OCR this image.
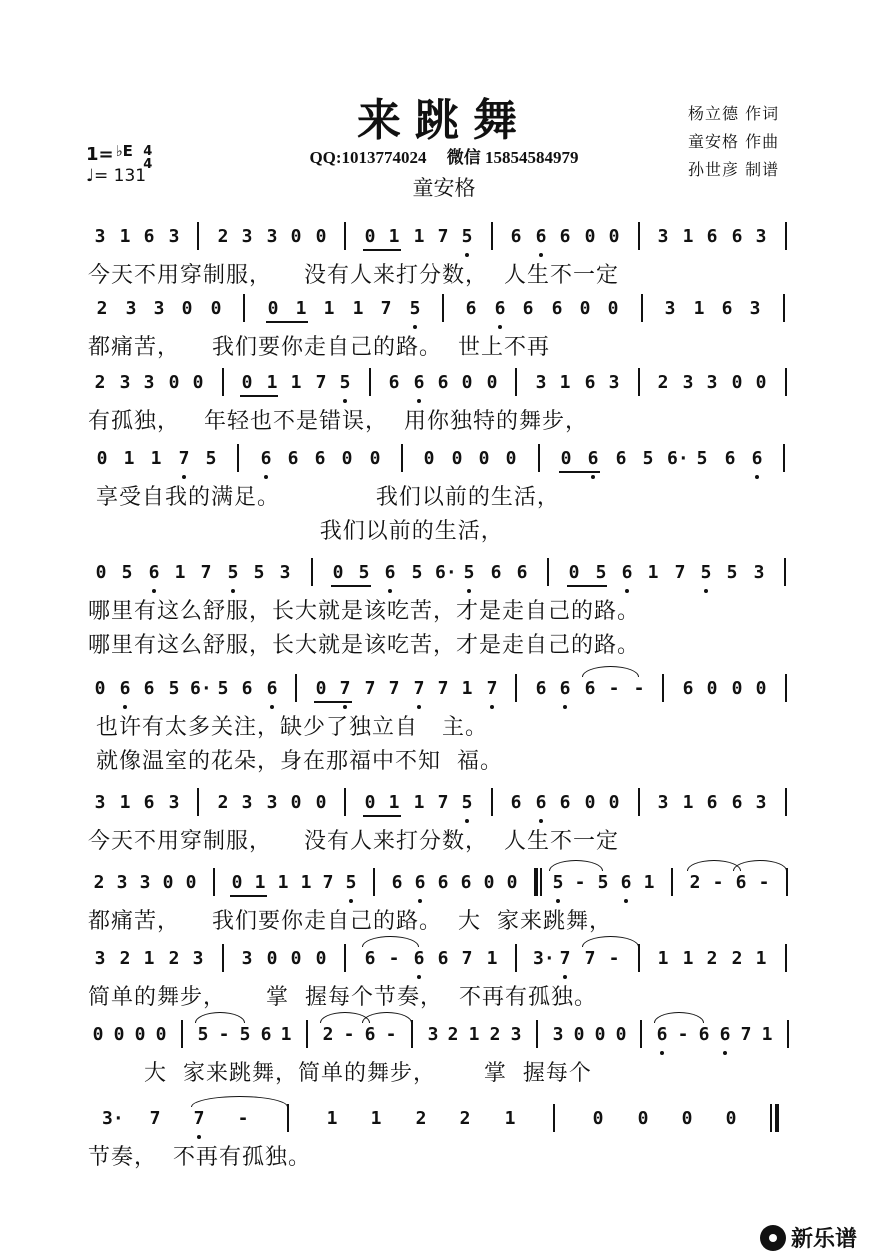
来跳舞
QQ:1013774024 微信 15854584979
童安格
1= $^{♭E}$ 4
4
♩= 131
杨立德 作词
童安格 作曲
孙世彦 制谱
3 1 6 3 2 3 3 0 0 0 1 1 7 5 6 6 6 0 0 3 1 6 6 3
今天不用穿制服，    没有人来打分数，  人生不一定
2 3 3 0 0	0 1 1 1 7 5	6 6 6 6 0 0	3 1 6 3
都痛苦，    我们要你走自己的路。  世上不再
2 3 3 0 0 0 1 1 7 5 6 6 6 0 0 3 1 6 3 2 3 3 0 0
有孤独，   年轻也不是错误，  用你独特的舞步，
0 1 1 7 5 6 6 6 0 0 0 0 0 0 0 6 6 5 6· 5 6 6
享受自我的满足。            我们以前的生活，
我们以前的生活，
0 5 6 1 7 5 5 3 0 5 6 5 6· 5 6 6 0 5 6 1 7 5 5 3
哪里有这么舒服，长大就是该吃苦，才是走自己的路。
哪里有这么舒服，长大就是该吃苦，才是走自己的路。
0 6 6 5 6· 5 6 6 0 7 7 7 7 7 1 7 6 6 6 - - 6 0 0 0
也许有太多关注，缺少了独立自   主。
就像温室的花朵，身在那福中不知  福。
3 1 6 3 2 3 3 0 0 0 1 1 7 5 6 6 6 0 0 3 1 6 6 3
今天不用穿制服，    没有人来打分数，  人生不一定
2 3 3 0 0 0 1 1 1 7 5 6 6 6 6 0 0 5 - 5 6 1 2 - 6 -
都痛苦，    我们要你走自己的路。  大  家来跳舞，
3 2 1 2 3 3 0 0 0 6 - 6 6 7 1 3· 7 7 - 1 1 2 2 1
简单的舞步，     掌  握每个节奏，  不再有孤独。
0 0 0 0 5 - 5 6 1 2 - 6 - 3 2 1 2 3 3 0 0 0 6 - 6 6 7 1
大  家来跳舞，简单的舞步，      掌  握每个
3· 7 7 -	1 1 2 2 1	0 0 0 0
节奏，  不再有孤独。
新乐谱
